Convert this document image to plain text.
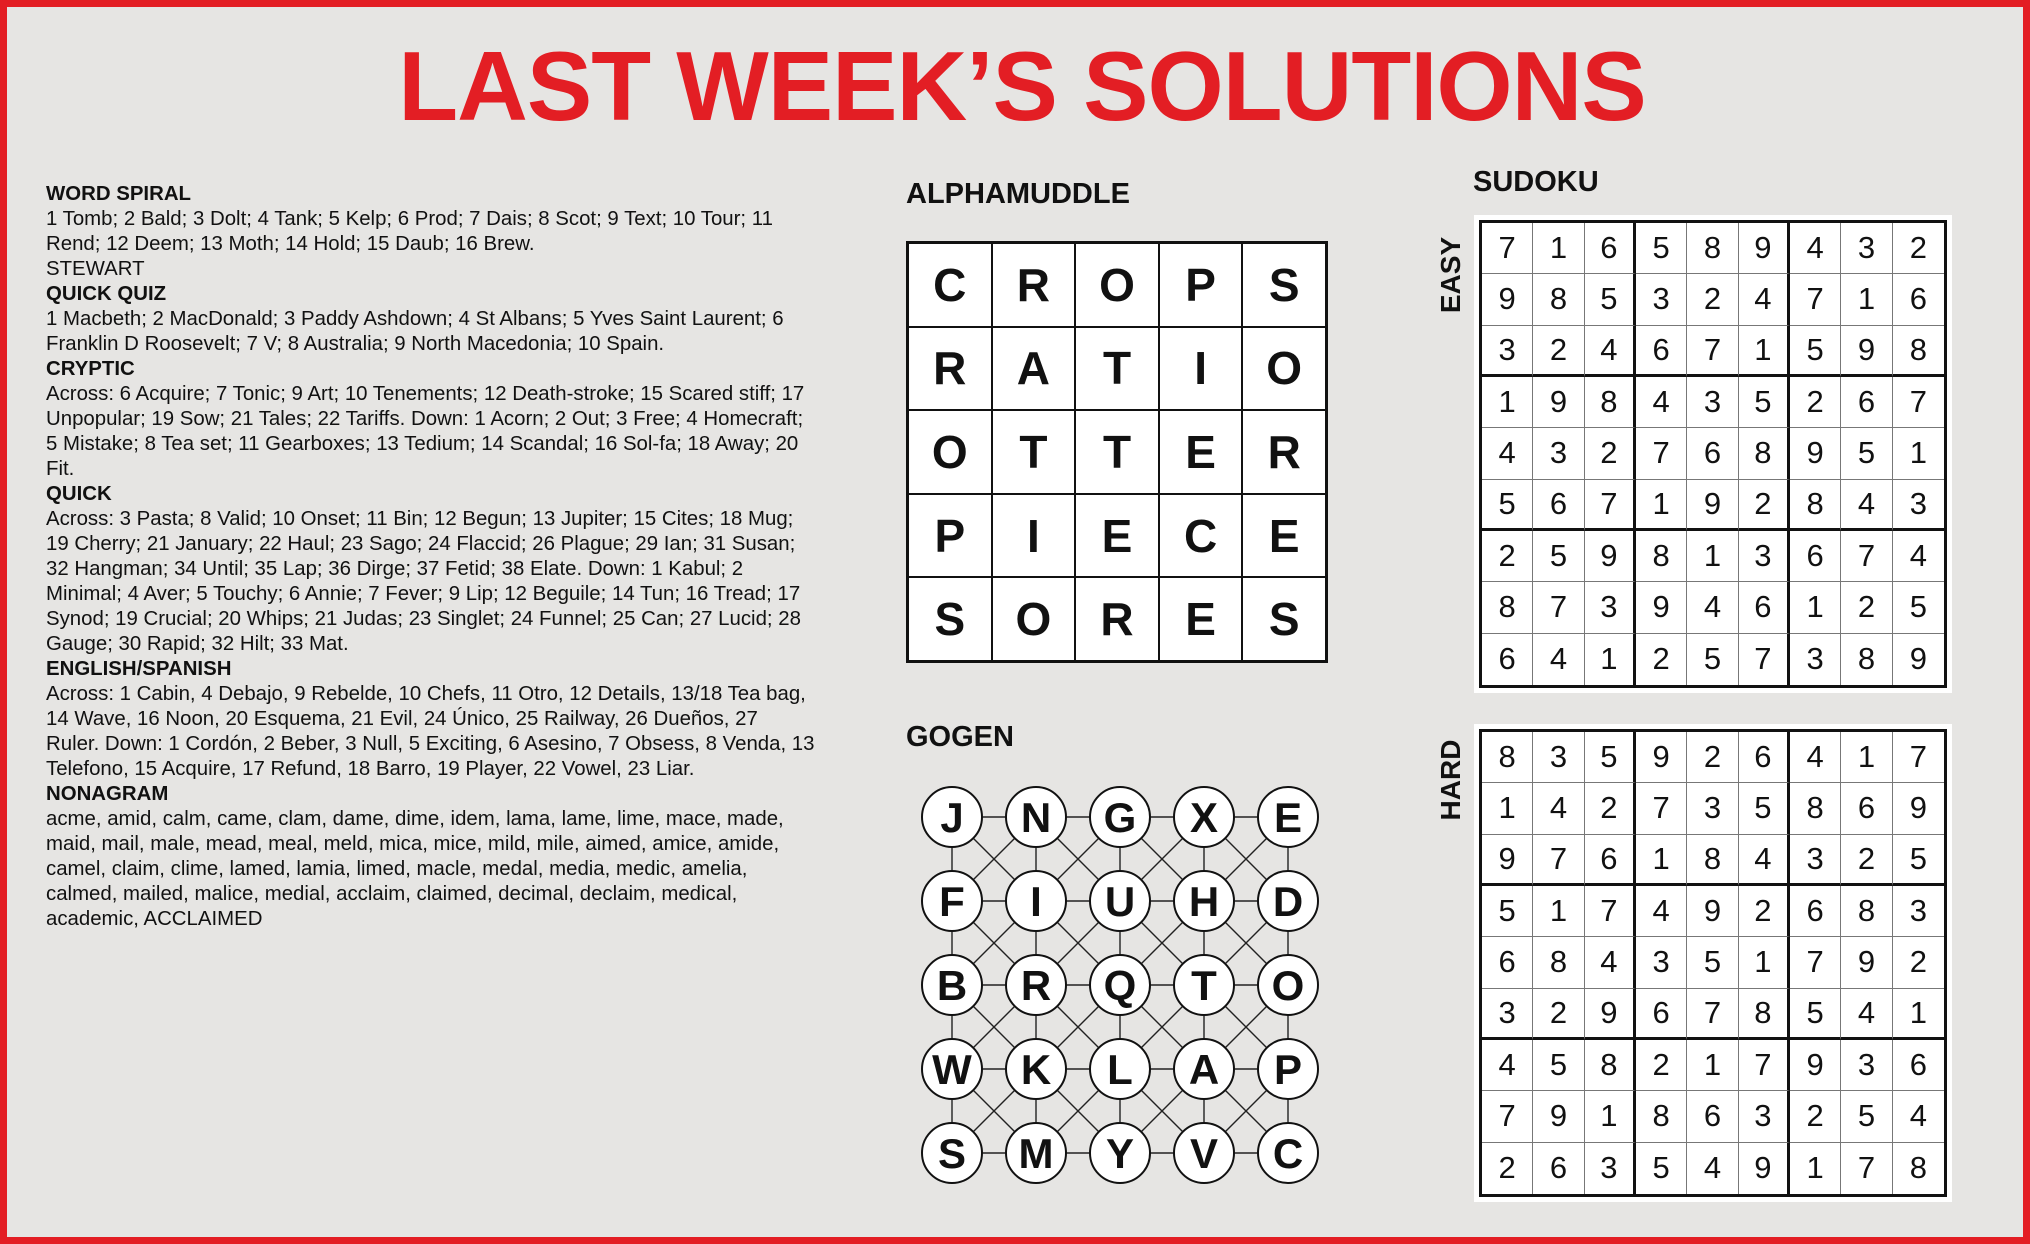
LAST WEEK’S SOLUTIONS
WORD SPIRAL
1 Tomb; 2 Bald; 3 Dolt; 4 Tank; 5 Kelp; 6 Prod; 7 Dais; 8 Scot; 9 Text; 10 Tour; 11 Rend; 12 Deem; 13 Moth; 14 Hold; 15 Daub; 16 Brew.
STEWART
QUICK QUIZ
1 Macbeth; 2 MacDonald; 3 Paddy Ashdown; 4 St Albans; 5 Yves Saint Laurent; 6 Franklin D Roosevelt; 7 V; 8 Australia; 9 North Macedonia; 10 Spain.
CRYPTIC
Across: 6 Acquire; 7 Tonic; 9 Art; 10 Tenements; 12 Death-stroke; 15 Scared stiff; 17 Unpopular; 19 Sow; 21 Tales; 22 Tariffs. Down: 1 Acorn; 2 Out; 3 Free; 4 Homecraft; 5 Mistake; 8 Tea set; 11 Gearboxes; 13 Tedium; 14 Scandal; 16 Sol-fa; 18 Away; 20 Fit.
QUICK
Across: 3 Pasta; 8 Valid; 10 Onset; 11 Bin; 12 Begun; 13 Jupiter; 15 Cites; 18 Mug; 19 Cherry; 21 January; 22 Haul; 23 Sago; 24 Flaccid; 26 Plague; 29 Ian; 31 Susan; 32 Hangman; 34 Until; 35 Lap; 36 Dirge; 37 Fetid; 38 Elate. Down: 1 Kabul; 2 Minimal; 4 Aver; 5 Touchy; 6 Annie; 7 Fever; 9 Lip; 12 Beguile; 14 Tun; 16 Tread; 17 Synod; 19 Crucial; 20 Whips; 21 Judas; 23 Singlet; 24 Funnel; 25 Can; 27 Lucid; 28 Gauge; 30 Rapid; 32 Hilt; 33 Mat.
ENGLISH/SPANISH
Across: 1 Cabin, 4 Debajo, 9 Rebelde, 10 Chefs, 11 Otro, 12 Details, 13/18 Tea bag, 14 Wave, 16 Noon, 20 Esquema, 21 Evil, 24 Único, 25 Railway, 26 Dueños, 27 Ruler. Down: 1 Cordón, 2 Beber, 3 Null, 5 Exciting, 6 Asesino, 7 Obsess, 8 Venda, 13 Telefono, 15 Acquire, 17 Refund, 18 Barro, 19 Player, 22 Vowel, 23 Liar.
NONAGRAM
acme, amid, calm, came, clam, dame, dime, idem, lama, lame, lime, mace, made, maid, mail, male, mead, meal, meld, mica, mice, mild, mile, aimed, amice, amide, camel, claim, clime, lamed, lamia, limed, macle, medal, media, medic, amelia, calmed, mailed, malice, medial, acclaim, claimed, decimal, declaim, medical, academic, ACCLAIMED
ALPHAMUDDLE
C	R	O	P	S
R	A	T	I	O
O	T	T	E	R
P	I	E	C	E
S	O	R	E	S
GOGEN
J N G X E
F I U H D
B R Q T O
W K L A P
S M Y V C
SUDOKU
EASY	7	1	6	5	8	9	4	3	2
9	8	5	3	2	4	7	1	6
3	2	4	6	7	1	5	9	8
1	9	8	4	3	5	2	6	7
4	3	2	7	6	8	9	5	1
5	6	7	1	9	2	8	4	3
2	5	9	8	1	3	6	7	4
8	7	3	9	4	6	1	2	5
6	4	1	2	5	7	3	8	9
HARD	8	3	5	9	2	6	4	1	7
1	4	2	7	3	5	8	6	9
9	7	6	1	8	4	3	2	5
5	1	7	4	9	2	6	8	3
6	8	4	3	5	1	7	9	2
3	2	9	6	7	8	5	4	1
4	5	8	2	1	7	9	3	6
7	9	1	8	6	3	2	5	4
2	6	3	5	4	9	1	7	8
